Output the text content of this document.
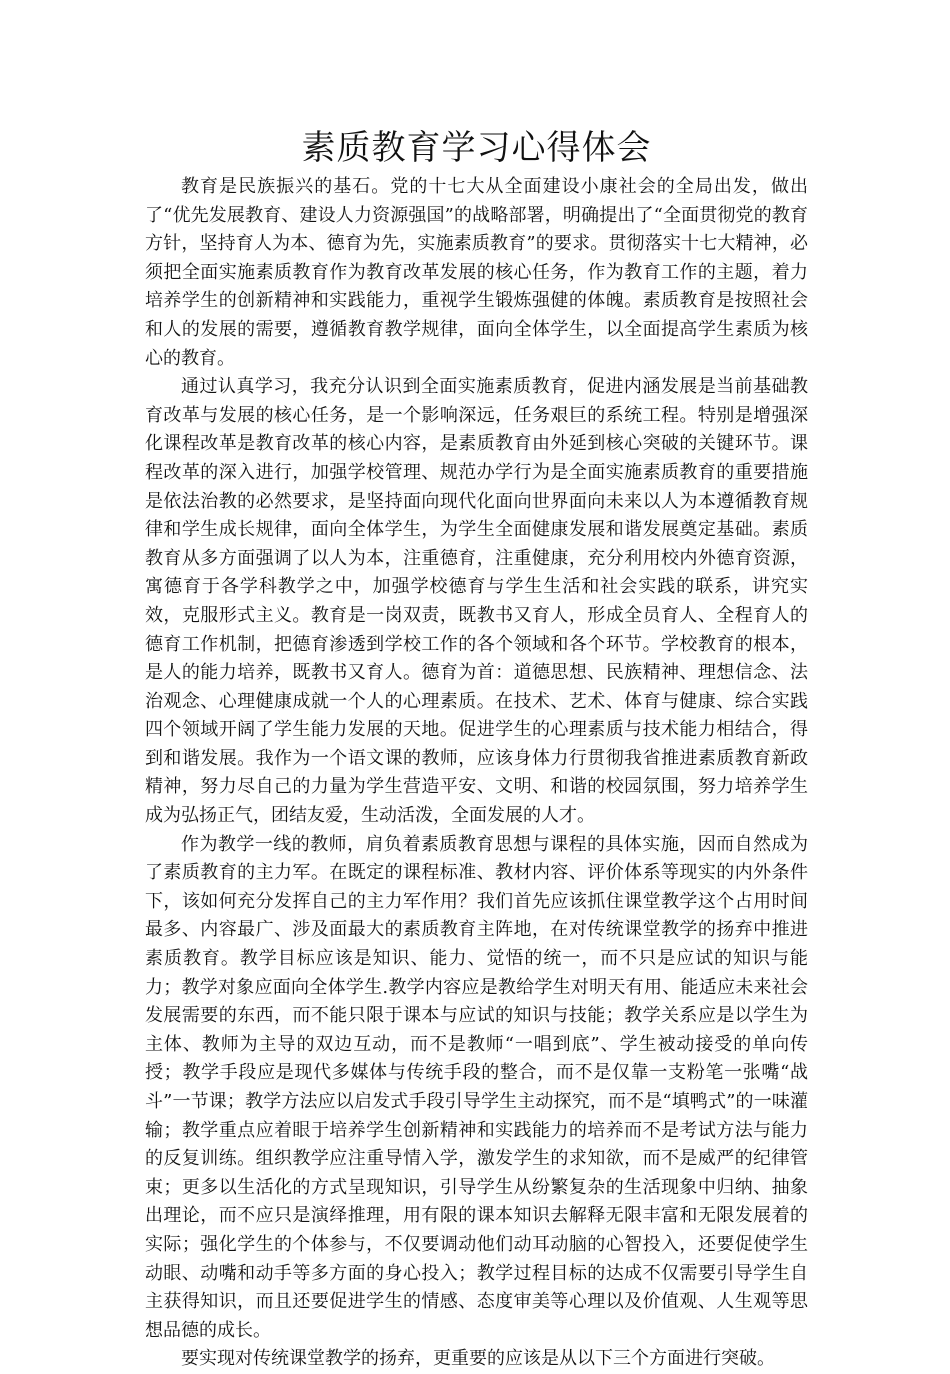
素质教育学习心得体会

教育是民族振兴的基石。党的十七大从全面建设小康社会的全局出发，做出了“优先发展教育、建设人力资源强国”的战略部署，明确提出了“全面贯彻党的教育方针，坚持育人为本、德育为先，实施素质教育”的要求。贯彻落实十七大精神，必须把全面实施素质教育作为教育改革发展的核心任务，作为教育工作的主题，着力培养学生的创新精神和实践能力，重视学生锻炼强健的体魄。素质教育是按照社会和人的发展的需要，遵循教育教学规律，面向全体学生，以全面提高学生素质为核心的教育。

通过认真学习，我充分认识到全面实施素质教育，促进内涵发展是当前基础教育改革与发展的核心任务，是一个影响深远，任务艰巨的系统工程。特别是增强深化课程改革是教育改革的核心内容，是素质教育由外延到核心突破的关键环节。课程改革的深入进行，加强学校管理、规范办学行为是全面实施素质教育的重要措施是依法治教的必然要求，是坚持面向现代化面向世界面向未来以人为本遵循教育规律和学生成长规律，面向全体学生，为学生全面健康发展和谐发展奠定基础。素质教育从多方面强调了以人为本，注重德育，注重健康，充分利用校内外德育资源，寓德育于各学科教学之中，加强学校德育与学生生活和社会实践的联系，讲究实效，克服形式主义。教育是一岗双责，既教书又育人，形成全员育人、全程育人的德育工作机制，把德育渗透到学校工作的各个领域和各个环节。学校教育的根本，是人的能力培养，既教书又育人。德育为首：道德思想、民族精神、理想信念、法治观念、心理健康成就一个人的心理素质。在技术、艺术、体育与健康、综合实践四个领域开阔了学生能力发展的天地。促进学生的心理素质与技术能力相结合，得到和谐发展。我作为一个语文课的教师，应该身体力行贯彻我省推进素质教育新政精神，努力尽自己的力量为学生营造平安、文明、和谐的校园氛围，努力培养学生成为弘扬正气，团结友爱，生动活泼，全面发展的人才。

作为教学一线的教师，肩负着素质教育思想与课程的具体实施，因而自然成为了素质教育的主力军。在既定的课程标准、教材内容、评价体系等现实的内外条件下，该如何充分发挥自己的主力军作用？我们首先应该抓住课堂教学这个占用时间最多、内容最广、涉及面最大的素质教育主阵地，在对传统课堂教学的扬弃中推进素质教育。教学目标应该是知识、能力、觉悟的统一，而不只是应试的知识与能力；教学对象应面向全体学生.教学内容应是教给学生对明天有用、能适应未来社会发展需要的东西，而不能只限于课本与应试的知识与技能；教学关系应是以学生为主体、教师为主导的双边互动，而不是教师“一唱到底”、学生被动接受的单向传授；教学手段应是现代多媒体与传统手段的整合，而不是仅靠一支粉笔一张嘴“战斗”一节课；教学方法应以启发式手段引导学生主动探究，而不是“填鸭式”的一味灌输；教学重点应着眼于培养学生创新精神和实践能力的培养而不是考试方法与能力的反复训练。组织教学应注重导情入学，激发学生的求知欲，而不是威严的纪律管束；更多以生活化的方式呈现知识，引导学生从纷繁复杂的生活现象中归纳、抽象出理论，而不应只是演绎推理，用有限的课本知识去解释无限丰富和无限发展着的实际；强化学生的个体参与，不仅要调动他们动耳动脑的心智投入，还要促使学生动眼、动嘴和动手等多方面的身心投入；教学过程目标的达成不仅需要引导学生自主获得知识，而且还要促进学生的情感、态度审美等心理以及价值观、人生观等思想品德的成长。

要实现对传统课堂教学的扬弃，更重要的应该是从以下三个方面进行突破。
